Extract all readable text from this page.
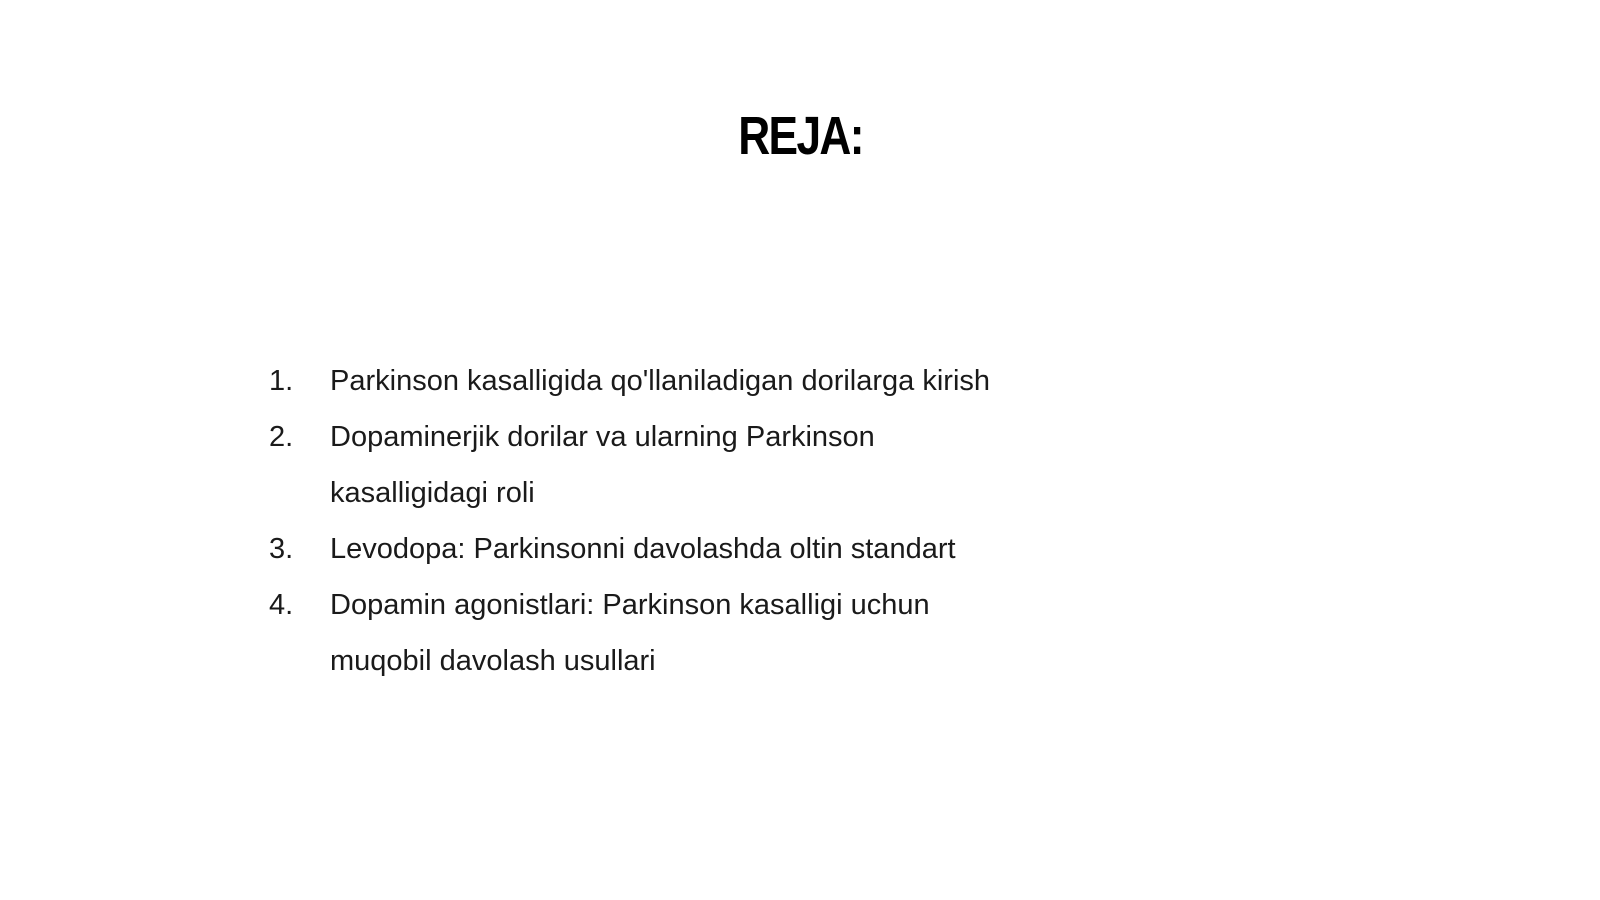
REJA:
1.	Parkinson kasalligida qo'llaniladigan dorilarga kirish
2.	Dopaminerjik dorilar va ularning Parkinson kasalligidagi roli
3.	Levodopa: Parkinsonni davolashda oltin standart
4.	Dopamin agonistlari: Parkinson kasalligi uchun muqobil davolash usullari
